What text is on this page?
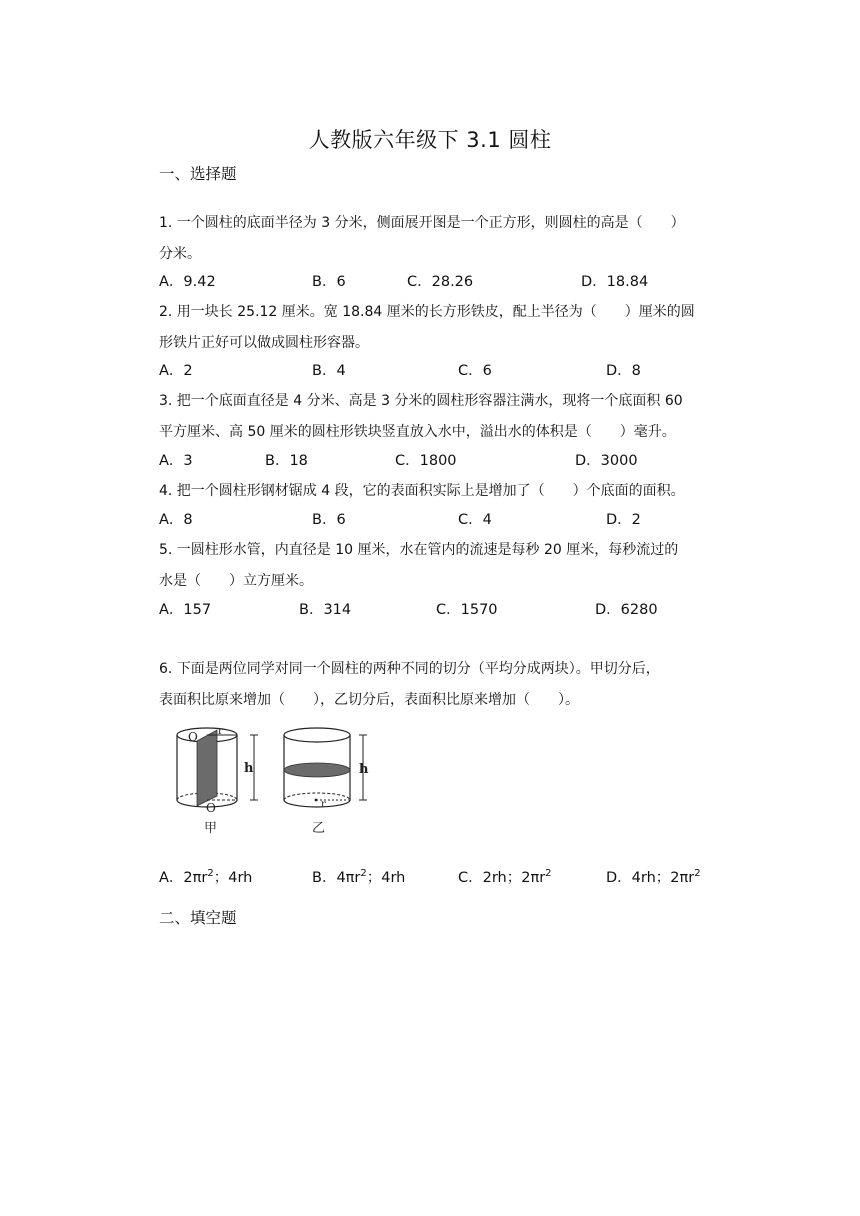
人教版六年级下 3.1 圆柱
一、选择题

1. 一个圆柱的底面半径为 3 分米，侧面展开图是一个正方形，则圆柱的高是（　　）

分米。

A．9.42	B．6	C．28.26	D．18.84

2. 用一块长 25.12 厘米。宽 18.84 厘米的长方形铁皮，配上半径为（　　）厘米的圆

形铁片正好可以做成圆柱形容器。

A．2	B．4	C．6	D．8

3. 把一个底面直径是 4 分米、高是 3 分米的圆柱形容器注满水，现将一个底面积 60

平方厘米、高 50 厘米的圆柱形铁块竖直放入水中，溢出水的体积是（　　）毫升。

A．3	B．18	C．1800	D．3000

4. 把一个圆柱形钢材锯成 4 段，它的表面积实际上是增加了（　　）个底面的面积。

A．8	B．6	C．4	D．2

5. 一圆柱形水管，内直径是 10 厘米，水在管内的流速是每秒 20 厘米，每秒流过的

水是（　　）立方厘米。

A．157	B．314	C．1570	D．6280

6. 下面是两位同学对同一个圆柱的两种不同的切分（平均分成两块）。甲切分后，

表面积比原来增加（　　），乙切分后，表面积比原来增加（　　）。

O r
O
h
甲
h
r
乙
A．$2\pi r^2$；4rh	B．$4\pi r^2$；4rh	C．2rh；$2\pi r^2$	D．4rh；$2\pi r^2$
二、填空题
